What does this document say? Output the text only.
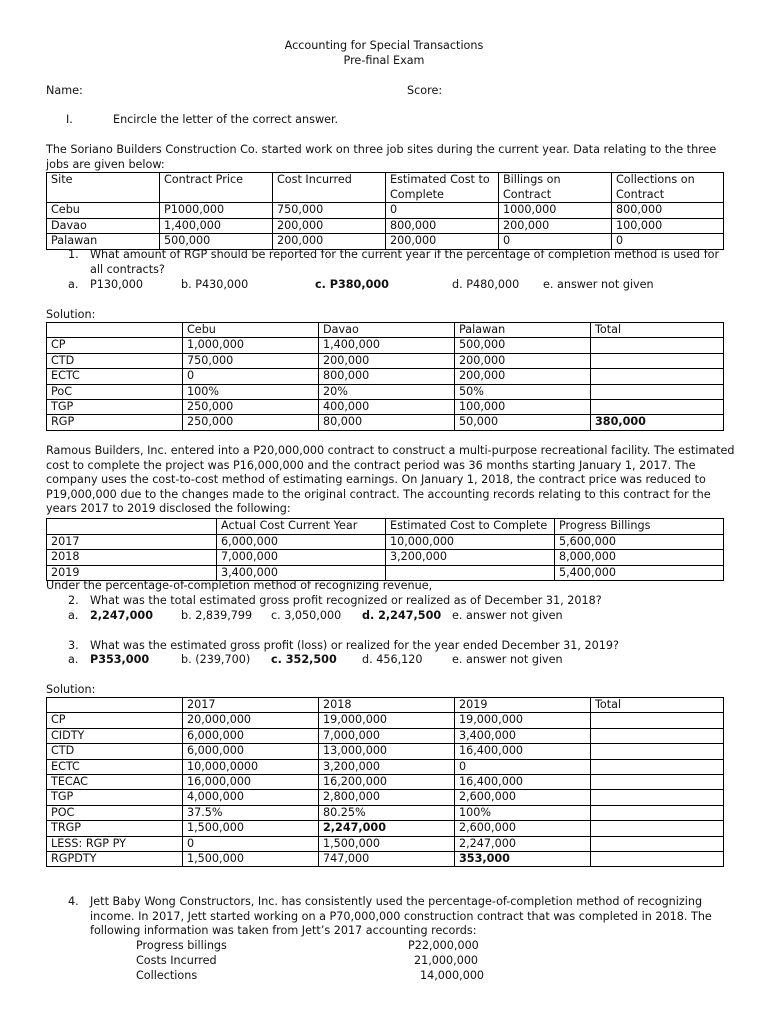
Accounting for Special Transactions
Pre-final Exam
Name:	Score:
I.	Encircle the letter of the correct answer.
The Soriano Builders Construction Co. started work on three job sites during the current year. Data relating to the three jobs are given below:
Site	Contract Price	Cost Incurred	Estimated Cost to Complete	Billings on Contract	Collections on Contract
Cebu	P1000,000	750,000	0	1000,000	800,000
Davao	1,400,000	200,000	800,000	200,000	100,000
Palawan	500,000	200,000	200,000	0	0
1. What amount of RGP should be reported for the current year if the percentage of completion method is used for all contracts?
a. P130,000	b. P430,000	c. P380,000	d. P480,000 e. answer not given
Solution:
	Cebu	Davao	Palawan	Total
CP	1,000,000	1,400,000	500,000	
CTD	750,000	200,000	200,000	
ECTC	0	800,000	200,000	
PoC	100%	20%	50%	
TGP	250,000	400,000	100,000	
RGP	250,000	80,000	50,000	380,000
Ramous Builders, Inc. entered into a P20,000,000 contract to construct a multi-purpose recreational facility. The estimated cost to complete the project was P16,000,000 and the contract period was 36 months starting January 1, 2017. The company uses the cost-to-cost method of estimating earnings. On January 1, 2018, the contract price was reduced to P19,000,000 due to the changes made to the original contract. The accounting records relating to this contract for the years 2017 to 2019 disclosed the following:
	Actual Cost Current Year	Estimated Cost to Complete	Progress Billings
2017	6,000,000	10,000,000	5,600,000
2018	7,000,000	3,200,000	8,000,000
2019	3,400,000		5,400,000
Under the percentage-of-completion method of recognizing revenue,
2. What was the total estimated gross profit recognized or realized as of December 31, 2018?
a. 2,247,000	b. 2,839,799 c. 3,050,000 d. 2,247,500 e. answer not given
3. What was the estimated gross profit (loss) or realized for the year ended December 31, 2019?
a. P353,000	b. (239,700) c. 352,500 d. 456,120	e. answer not given
Solution:
	2017	2018	2019	Total
CP	20,000,000	19,000,000	19,000,000	
CIDTY	6,000,000	7,000,000	3,400,000	
CTD	6,000,000	13,000,000	16,400,000	
ECTC	10,000,0000	3,200,000	0	
TECAC	16,000,000	16,200,000	16,400,000	
TGP	4,000,000	2,800,000	2,600,000	
POC	37.5%	80.25%	100%	
TRGP	1,500,000	2,247,000	2,600,000	
LESS: RGP PY	0	1,500,000	2,247,000	
RGPDTY	1,500,000	747,000	353,000	
4. Jett Baby Wong Constructors, Inc. has consistently used the percentage-of-completion method of recognizing income. In 2017, Jett started working on a P70,000,000 construction contract that was completed in 2018. The following information was taken from Jett’s 2017 accounting records:
Progress billings	P22,000,000
Costs Incurred	21,000,000
Collections	14,000,000
